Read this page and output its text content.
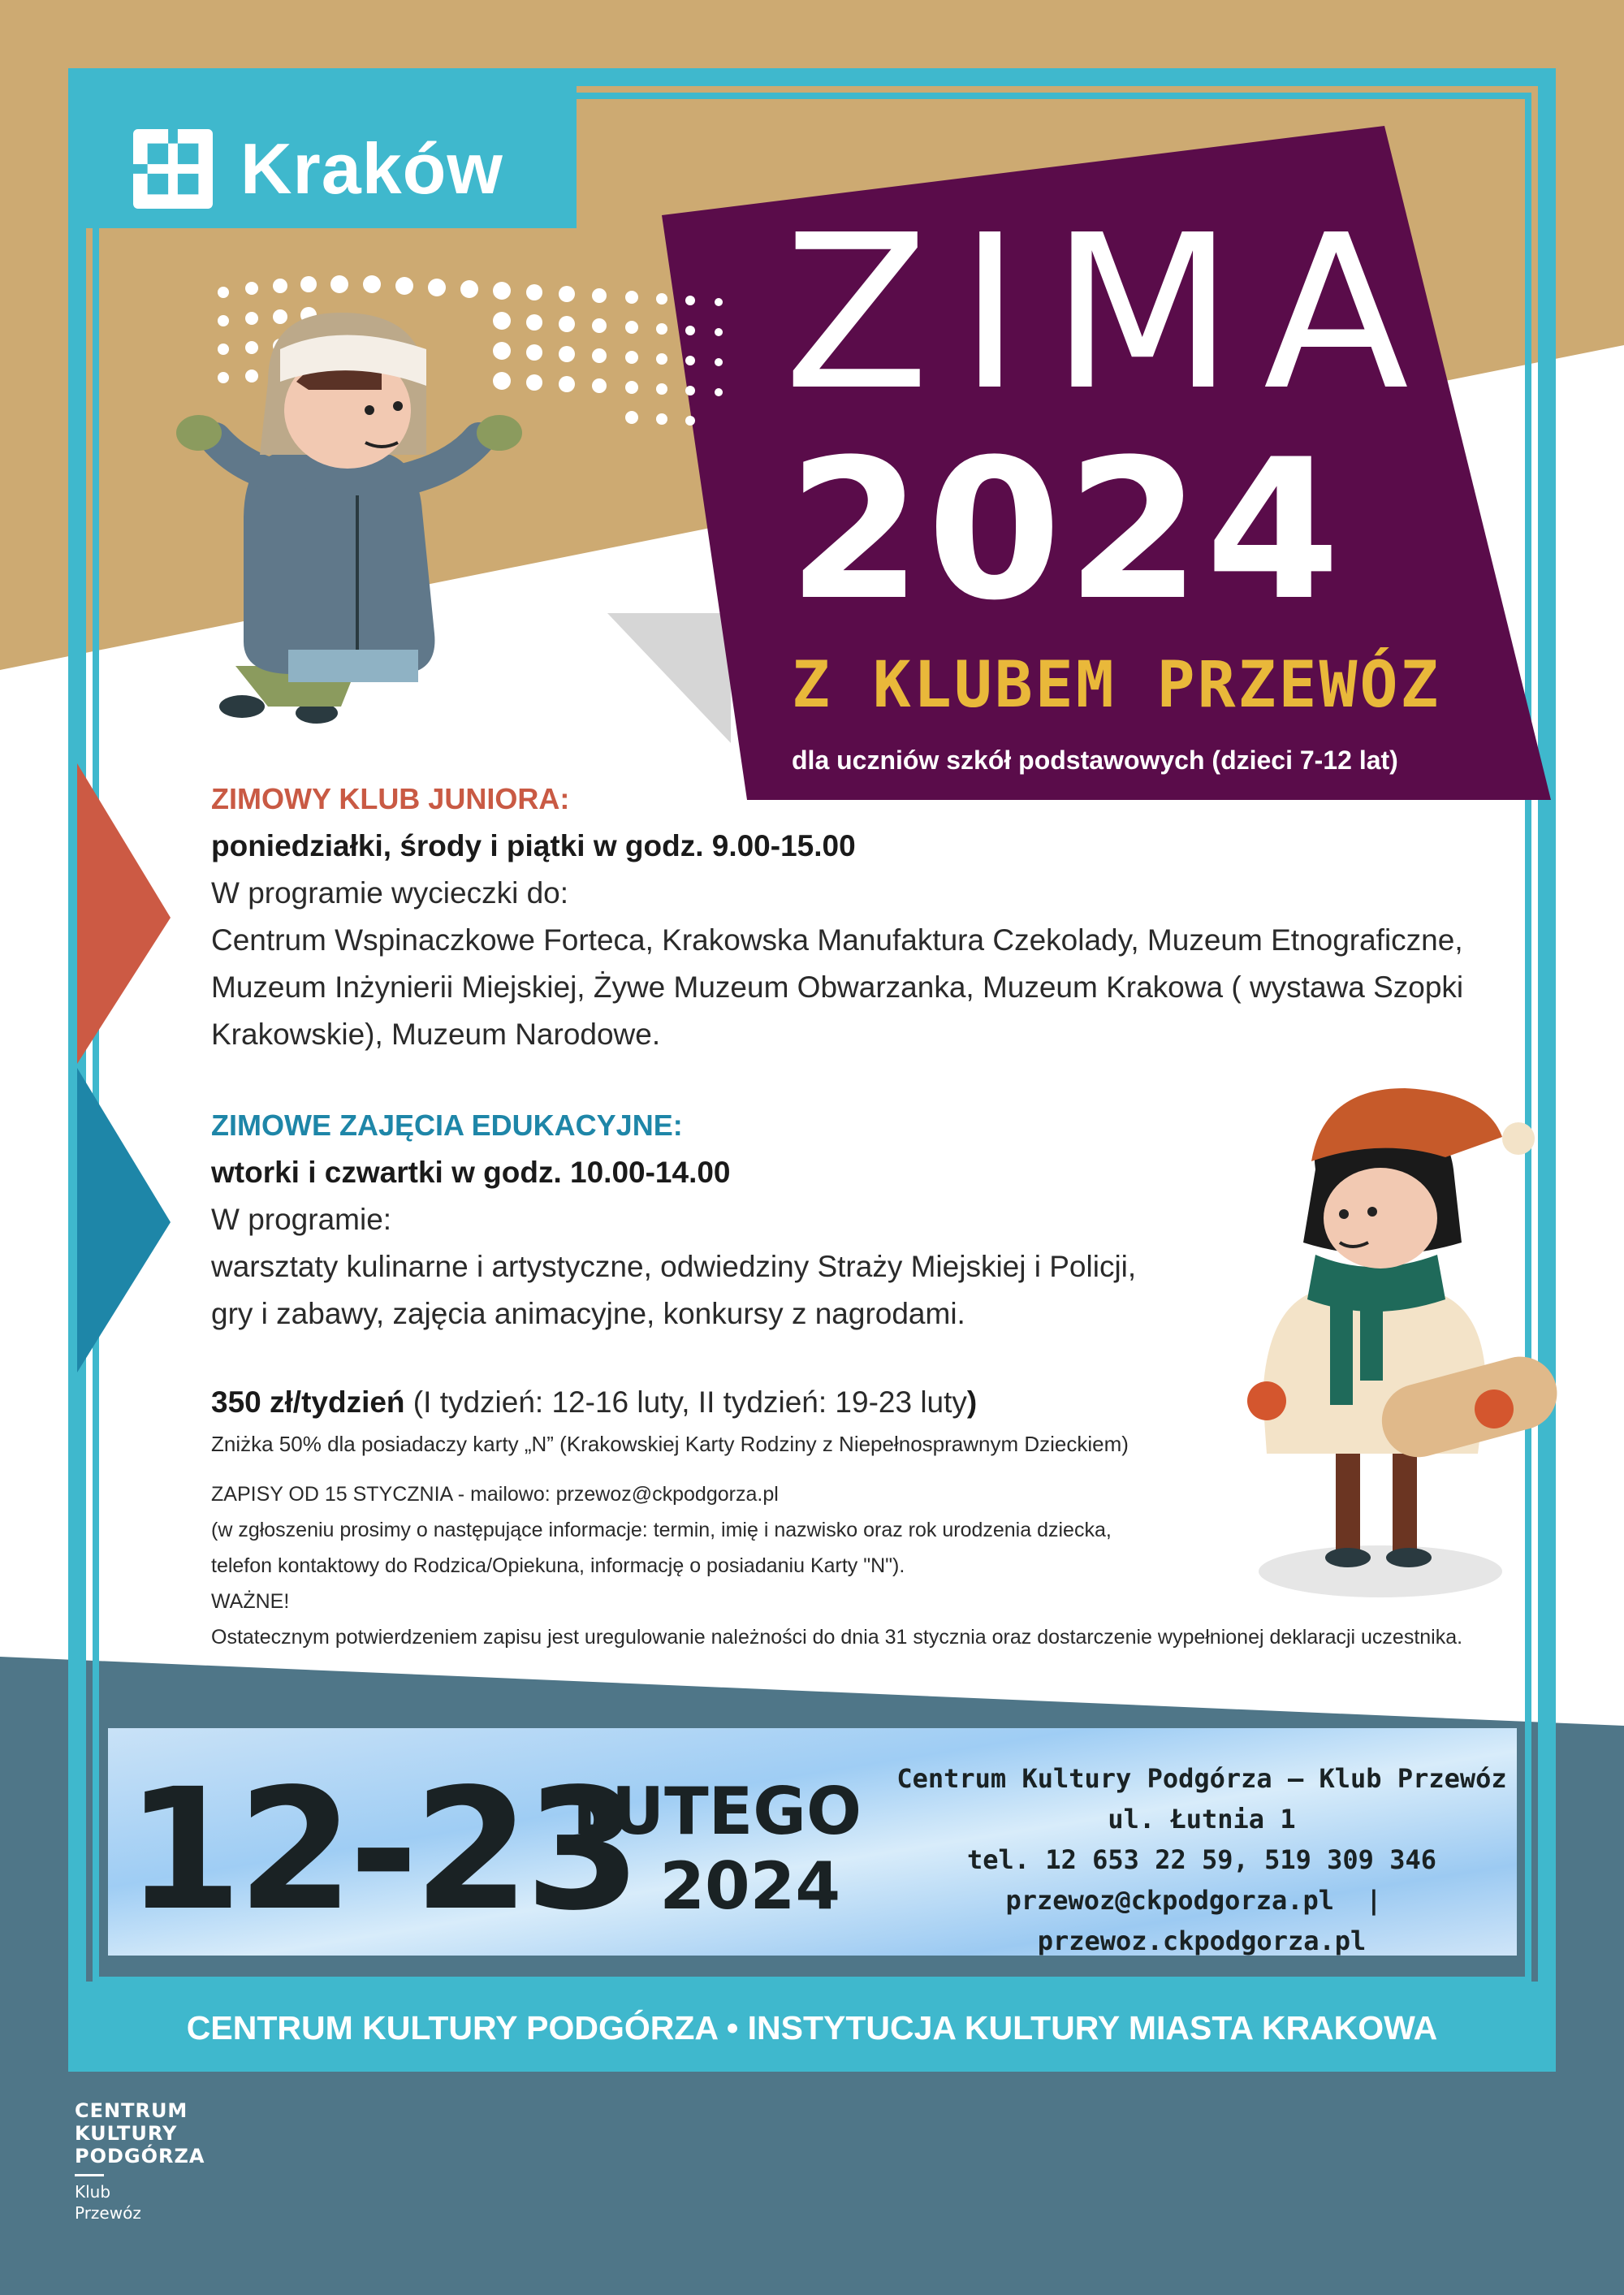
Kraków
ZIMA
2024
Z KLUBEM PRZEWÓZ
dla uczniów szkół podstawowych (dzieci 7-12 lat)
ZIMOWY KLUB JUNIORA:
poniedziałki, środy i piątki w godz. 9.00-15.00
W programie wycieczki do:
Centrum Wspinaczkowe Forteca, Krakowska Manufaktura Czekolady, Muzeum Etnograficzne,
Muzeum Inżynierii Miejskiej, Żywe Muzeum Obwarzanka, Muzeum Krakowa ( wystawa Szopki
Krakowskie), Muzeum Narodowe.
ZIMOWE ZAJĘCIA EDUKACYJNE:
wtorki i czwartki w godz. 10.00-14.00
W programie:
warsztaty kulinarne i artystyczne, odwiedziny Straży Miejskiej i Policji,
gry i zabawy, zajęcia animacyjne, konkursy z nagrodami.
350 zł/tydzień (I tydzień: 12-16 luty, II tydzień: 19-23 luty)
Zniżka 50% dla posiadaczy karty „N” (Krakowskiej Karty Rodziny z Niepełnosprawnym Dzieckiem)
ZAPISY OD 15 STYCZNIA - mailowo: przewoz@ckpodgorza.pl
(w zgłoszeniu prosimy o następujące informacje: termin, imię i nazwisko oraz rok urodzenia dziecka,
telefon kontaktowy do Rodzica/Opiekuna, informację o posiadaniu Karty "N").
WAŻNE!
Ostatecznym potwierdzeniem zapisu jest uregulowanie należności do dnia 31 stycznia oraz dostarczenie wypełnionej deklaracji uczestnika.
12-23
LUTEGO
2024
Centrum Kultury Podgórza – Klub Przewóz
ul. Łutnia 1
tel. 12 653 22 59, 519 309 346
przewoz@ckpodgorza.pl | przewoz.ckpodgorza.pl
CENTRUM KULTURY PODGÓRZA • INSTYTUCJA KULTURY MIASTA KRAKOWA
CENTRUM
KULTURY
PODGÓRZA
Klub
Przewóz
